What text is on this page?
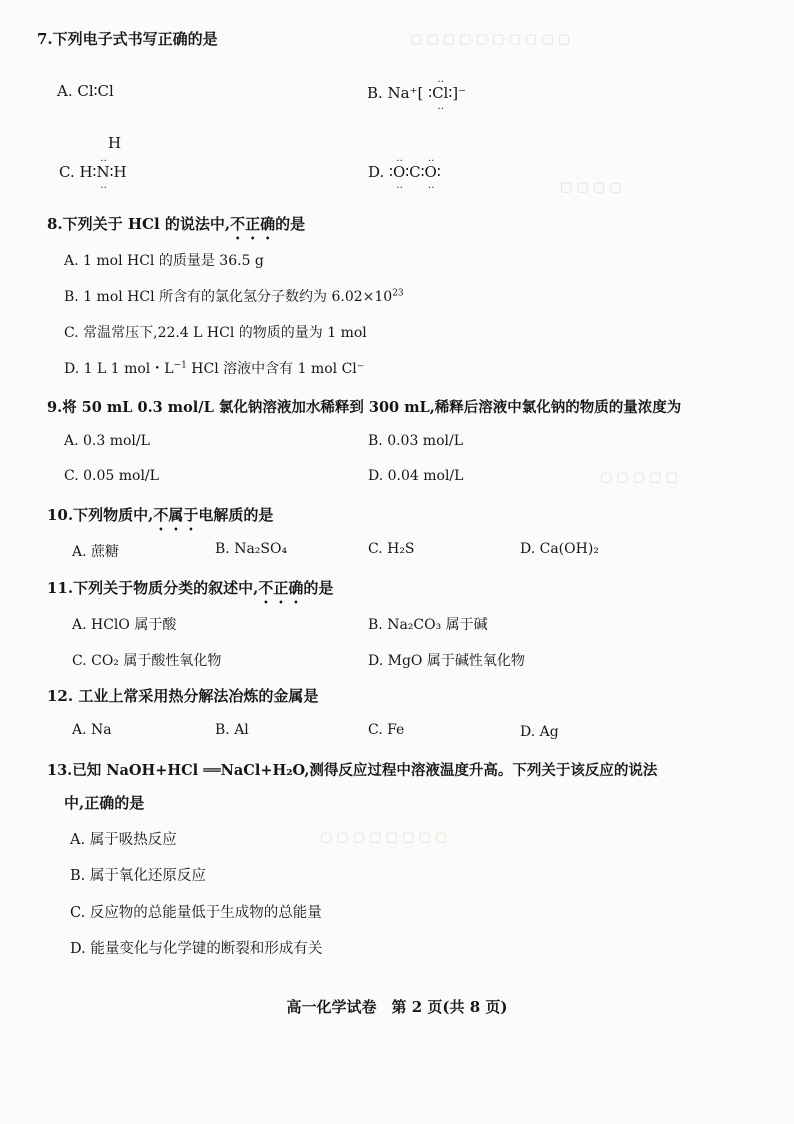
▢ ▢ ▢ ▢ ▢ ▢ ▢ ▢ ▢ ▢
▢ ▢ ▢ ▢
▢ ▢ ▢ ▢ ▢
▢ ▢ ▢ ▢ ▢ ▢ ▢ ▢
7.下列电子式书写正确的是
A. Cl∶Cl	B. Na⁺[ ∶‥ Cl ‥∶]⁻
H
C. H∶‥ N ‥∶H	D. ∶‥ O ‥∶C∶‥ O ‥∶
8.下列关于 HCl 的说法中,不正确的是
A. 1 mol HCl 的质量是 36.5 g
B. 1 mol HCl 所含有的氯化氢分子数约为 $6.02\times 10^{23}$
C. 常温常压下,22.4 L HCl 的物质的量为 1 mol
D. 1 L 1 mol・$L^{-1}$ HCl 溶液中含有 1 mol Cl⁻
9.将 50 mL 0.3 mol/L 氯化钠溶液加水稀释到 300 mL,稀释后溶液中氯化钠的物质的量浓度为
A. 0.3 mol/L	B. 0.03 mol/L
C. 0.05 mol/L	D. 0.04 mol/L
10.下列物质中,不属于电解质的是
A. 蔗糖	B. Na₂SO₄	C. H₂S	D. Ca(OH)₂
11.下列关于物质分类的叙述中,不正确的是
A. HClO 属于酸	B. Na₂CO₃ 属于碱
C. CO₂ 属于酸性氧化物	D. MgO 属于碱性氧化物
12. 工业上常采用热分解法冶炼的金属是
A. Na	B. Al	C. Fe	D. Ag
13.已知 NaOH+HCl ══NaCl+H₂O,测得反应过程中溶液温度升高。下列关于该反应的说法
中,正确的是
A. 属于吸热反应
B. 属于氧化还原反应
C. 反应物的总能量低于生成物的总能量
D. 能量变化与化学键的断裂和形成有关
高一化学试卷　第 2 页(共 8 页)
